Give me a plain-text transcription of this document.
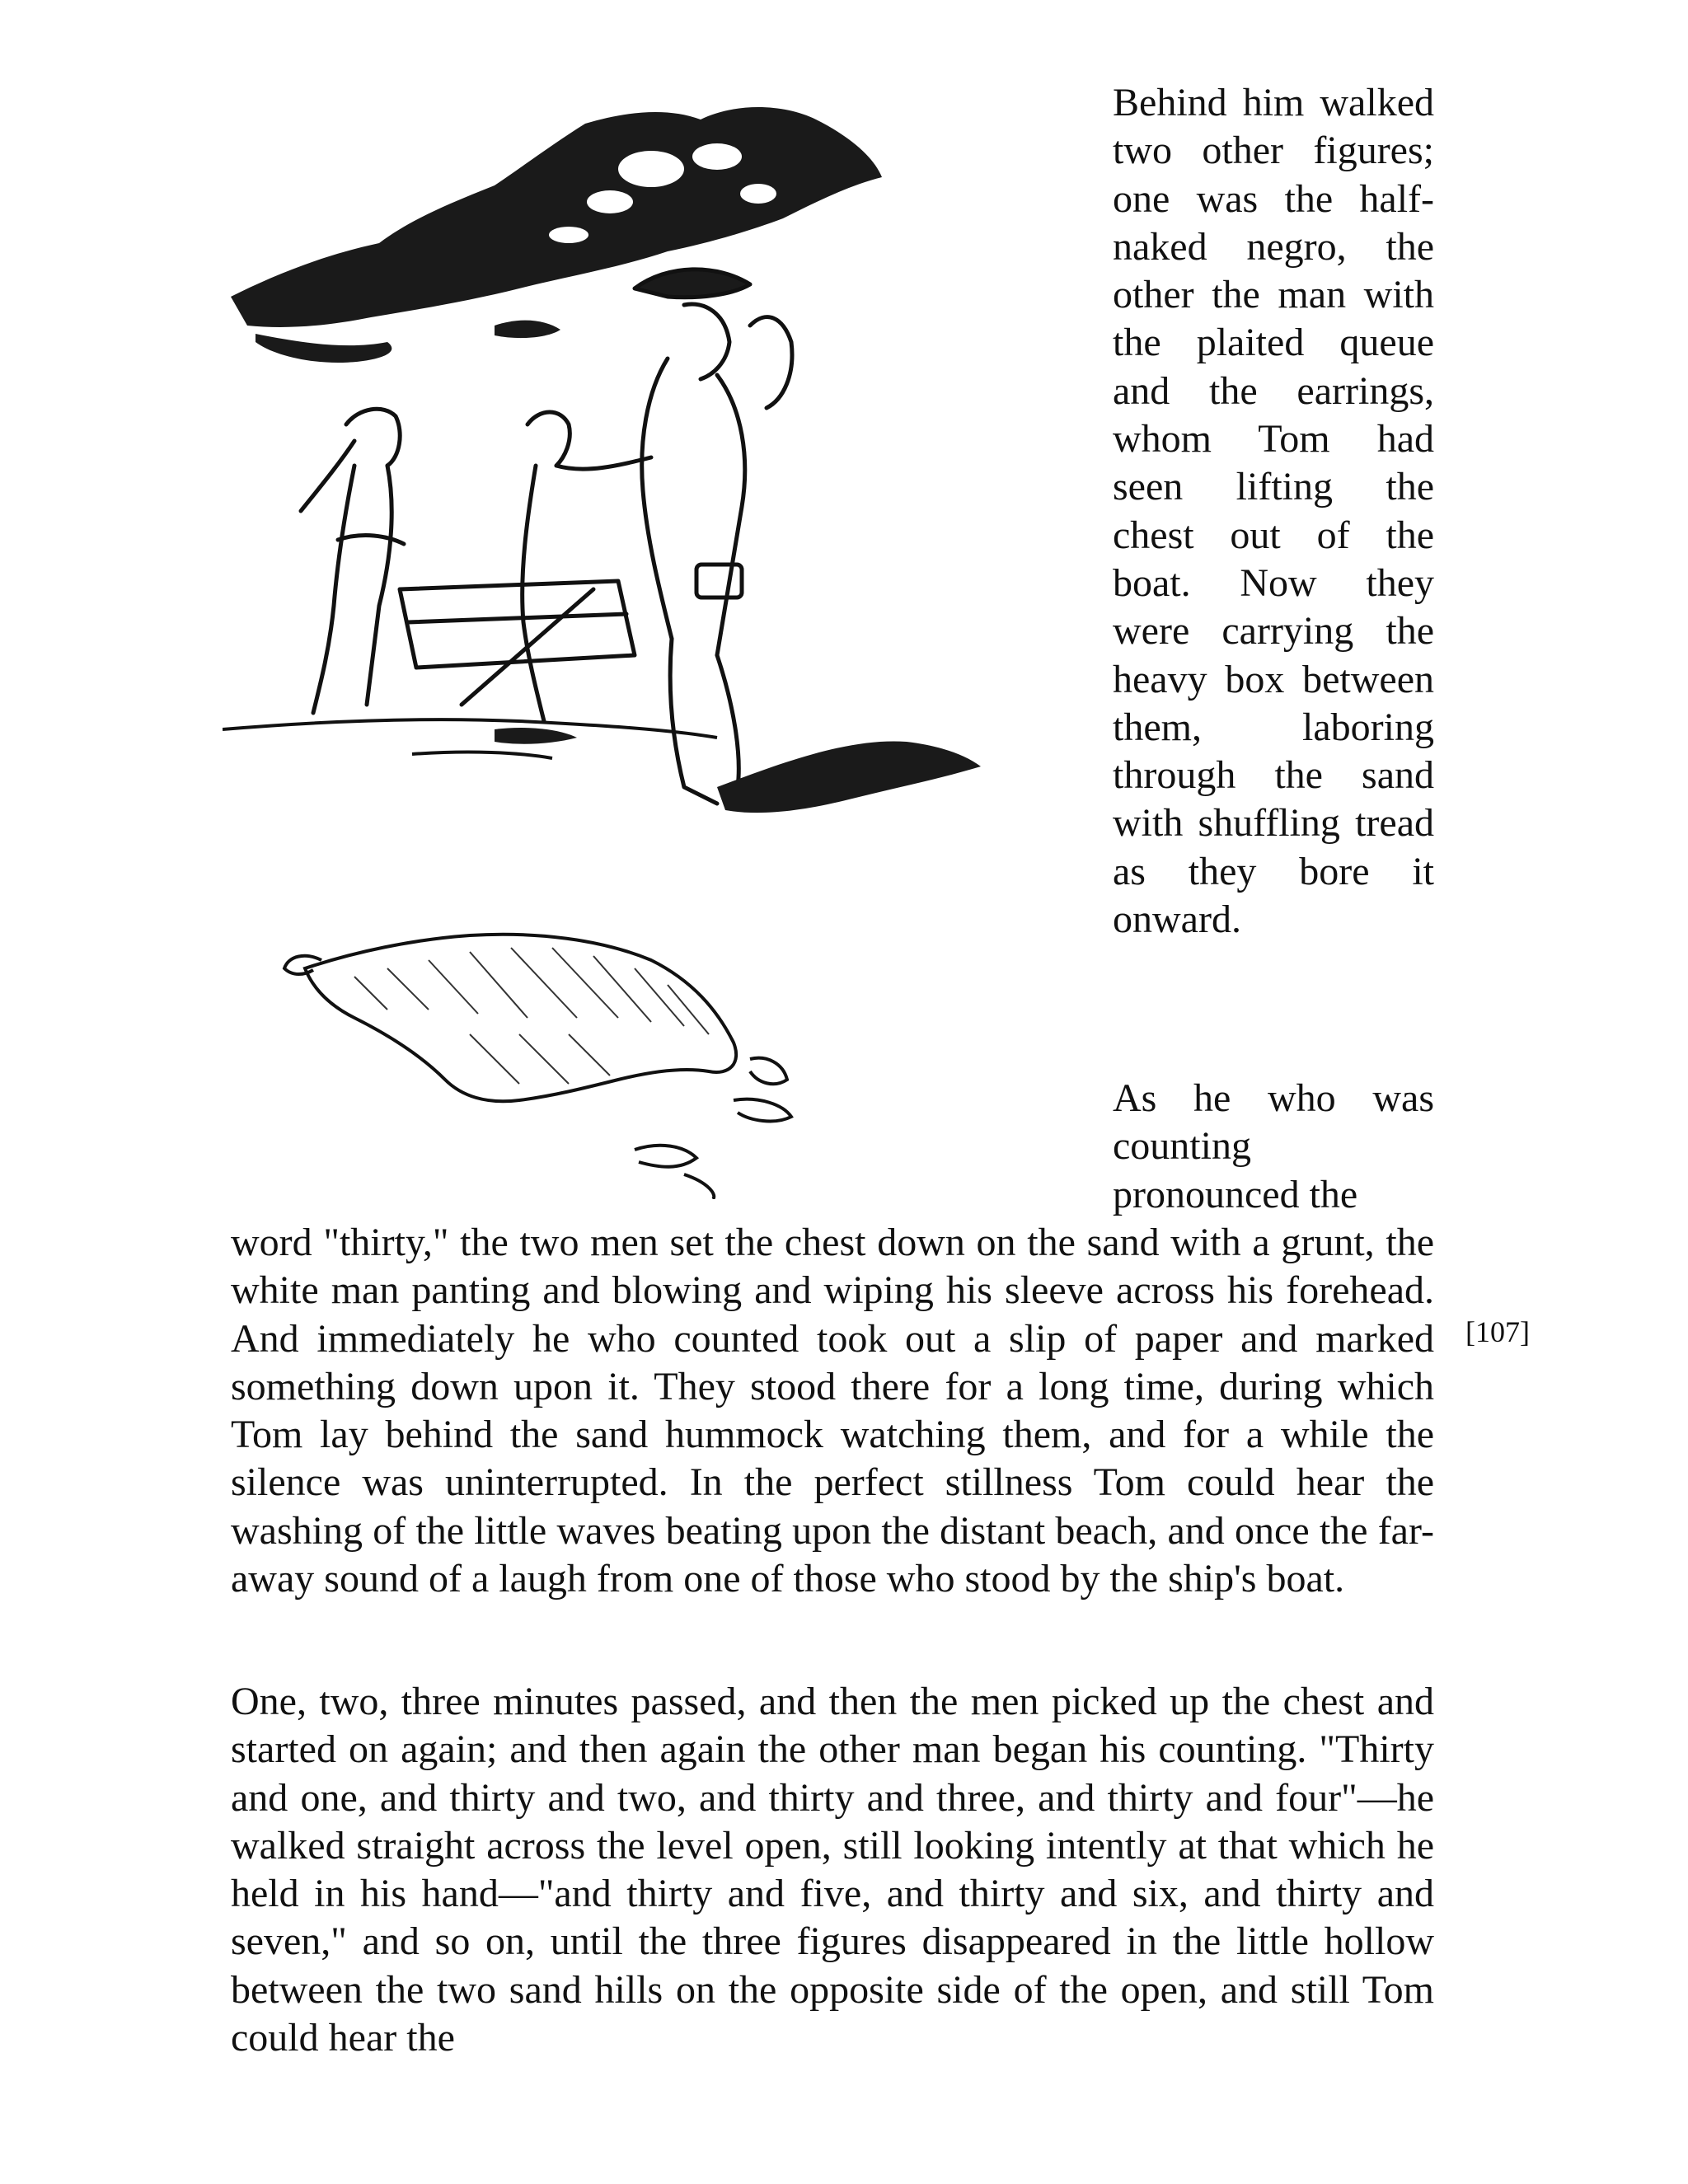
Behind him walked two other figures; one was the half-naked negro, the other the man with the plaited queue and the earrings, whom Tom had seen lifting the chest out of the boat. Now they were carrying the heavy box between them, laboring through the sand with shuffling tread as they bore it onward.

As he who was counting pronounced the

word "thirty," the two men set the chest down on the sand with a grunt, the white man panting and blowing and wiping his sleeve across his forehead. And immediately he who counted took out a slip of paper and marked something down upon it. They stood there for a long time, during which Tom lay behind the sand hummock watching them, and for a while the silence was uninterrupted. In the perfect stillness Tom could hear the washing of the little waves beating upon the distant beach, and once the far-away sound of a laugh from one of those who stood by the ship's boat.

[107]

One, two, three minutes passed, and then the men picked up the chest and started on again; and then again the other man began his counting. "Thirty and one, and thirty and two, and thirty and three, and thirty and four"—he walked straight across the level open, still looking intently at that which he held in his hand—"and thirty and five, and thirty and six, and thirty and seven," and so on, until the three figures disappeared in the little hollow between the two sand hills on the opposite side of the open, and still Tom could hear the
